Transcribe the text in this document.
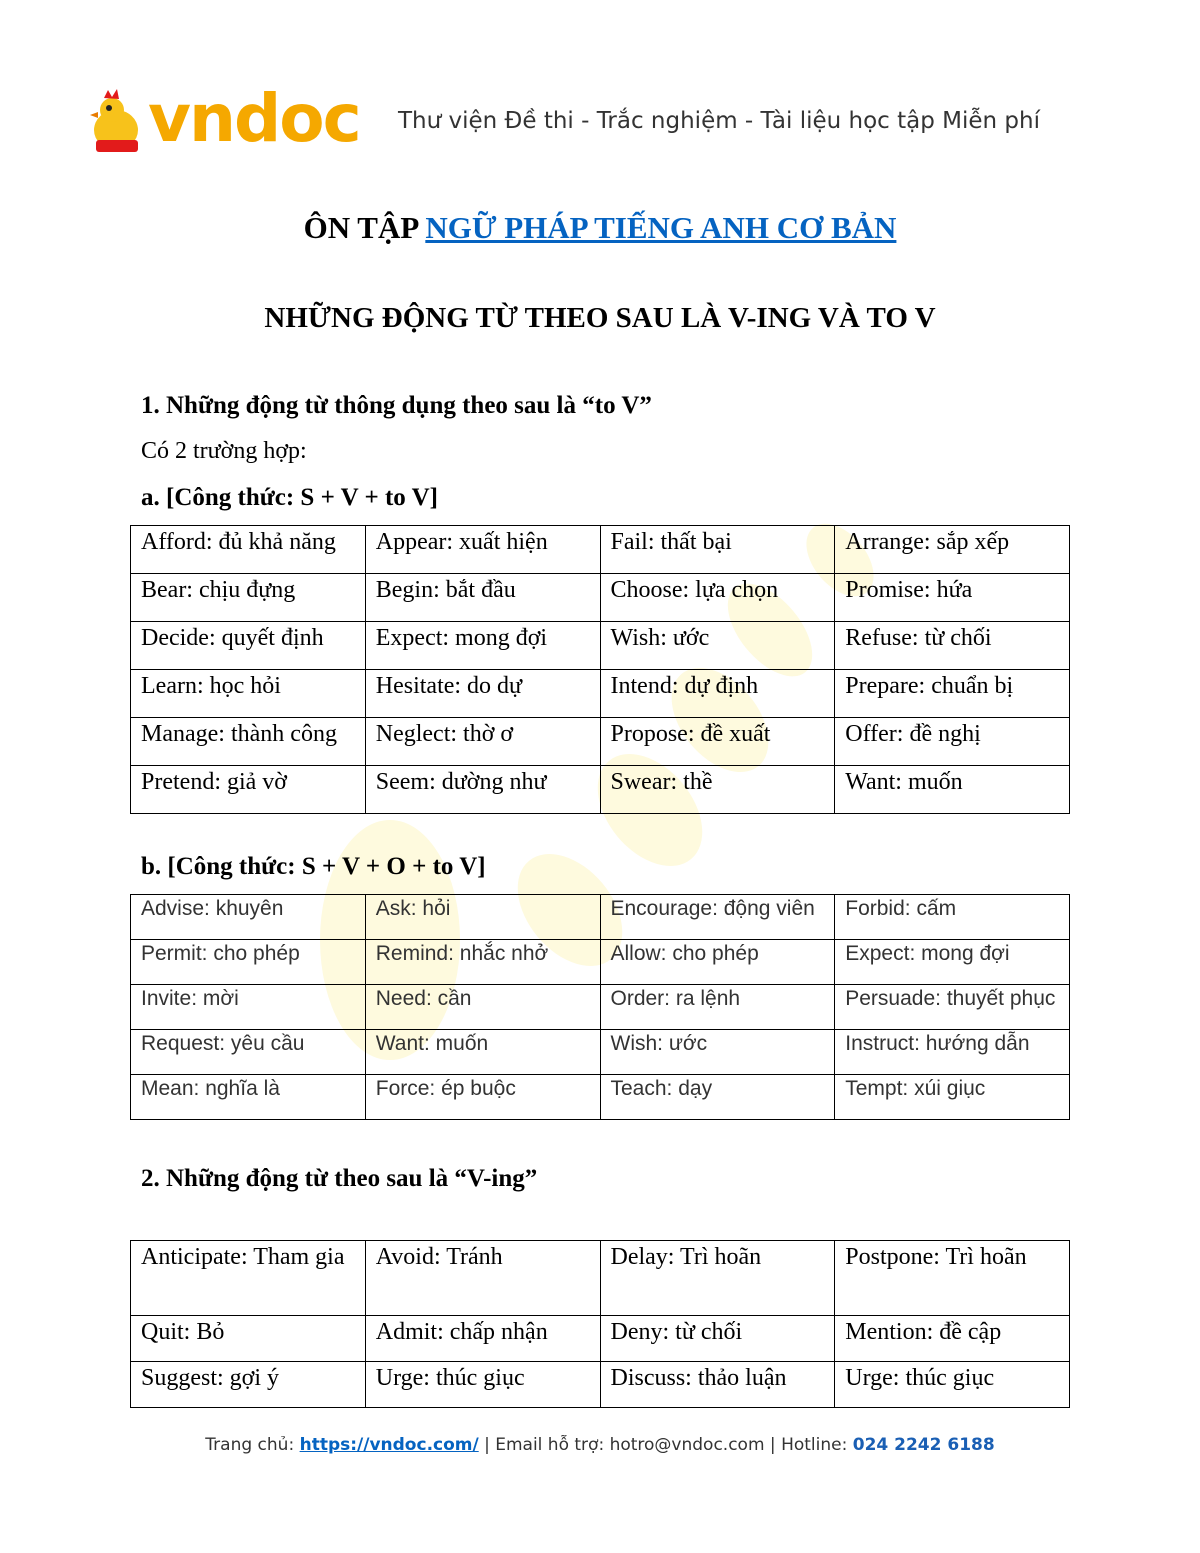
vndoc Thư viện Đề thi - Trắc nghiệm - Tài liệu học tập Miễn phí
ÔN TẬP NGỮ PHÁP TIẾNG ANH CƠ BẢN
NHỮNG ĐỘNG TỪ THEO SAU LÀ V-ING VÀ TO V
1. Những động từ thông dụng theo sau là “to V”
Có 2 trường hợp:
a. [Công thức: S + V + to V]
Afford: đủ khả năng	Appear: xuất hiện	Fail: thất bại	Arrange: sắp xếp
Bear: chịu đựng	Begin: bắt đầu	Choose: lựa chọn	Promise: hứa
Decide: quyết định	Expect: mong đợi	Wish: ước	Refuse: từ chối
Learn: học hỏi	Hesitate: do dự	Intend: dự định	Prepare: chuẩn bị
Manage: thành công	Neglect: thờ ơ	Propose: đề xuất	Offer: đề nghị
Pretend: giả vờ	Seem: dường như	Swear: thề	Want: muốn
b. [Công thức: S + V + O + to V]
Advise: khuyên	Ask: hỏi	Encourage: động viên	Forbid: cấm
Permit: cho phép	Remind: nhắc nhở	Allow: cho phép	Expect: mong đợi
Invite: mời	Need: cần	Order: ra lệnh	Persuade: thuyết phục
Request: yêu cầu	Want: muốn	Wish: ước	Instruct: hướng dẫn
Mean: nghĩa là	Force: ép buộc	Teach: dạy	Tempt: xúi giục
2. Những động từ theo sau là “V-ing”
Anticipate: Tham gia	Avoid: Tránh	Delay: Trì hoãn	Postpone: Trì hoãn
Quit: Bỏ	Admit: chấp nhận	Deny: từ chối	Mention: đề cập
Suggest: gợi ý	Urge: thúc giục	Discuss: thảo luận	Urge: thúc giục
Trang chủ: https://vndoc.com/ | Email hỗ trợ: hotro@vndoc.com | Hotline: 024 2242 6188
